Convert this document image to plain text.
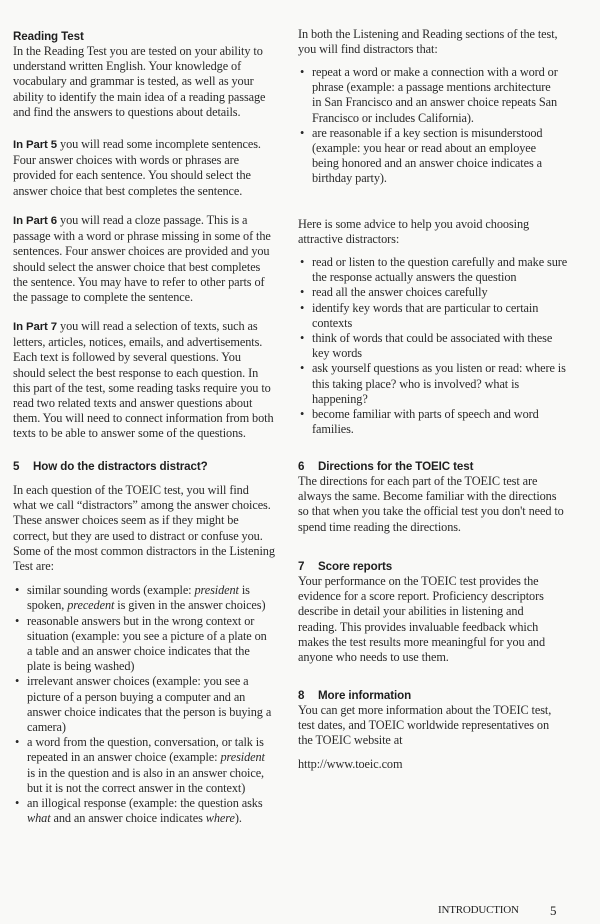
Reading Test

In the Reading Test you are tested on your ability to understand written English. Your knowledge of vocabulary and grammar is tested, as well as your ability to identify the main idea of a reading passage and find the answers to questions about details.

In Part 5 you will read some incomplete sentences. Four answer choices with words or phrases are provided for each sentence. You should select the answer choice that best completes the sentence.

In Part 6 you will read a cloze passage. This is a passage with a word or phrase missing in some of the sentences. Four answer choices are provided and you should select the answer choice that best completes the sentence. You may have to refer to other parts of the passage to complete the sentence.

In Part 7 you will read a selection of texts, such as letters, articles, notices, emails, and advertisements. Each text is followed by several questions. You should select the best response to each question. In this part of the test, some reading tasks require you to read two related texts and answer questions about them. You will need to connect information from both texts to be able to answer some of the questions.

5 How do the distractors distract?

In each question of the TOEIC test, you will find what we call “distractors” among the answer choices. These answer choices seem as if they might be correct, but they are used to distract or confuse you. Some of the most common distractors in the Listening Test are:

• similar sounding words (example: president is spoken, precedent is given in the answer choices)
• reasonable answers but in the wrong context or situation (example: you see a picture of a plate on a table and an answer choice indicates that the plate is being washed)
• irrelevant answer choices (example: you see a picture of a person buying a computer and an answer choice indicates that the person is buying a camera)
• a word from the question, conversation, or talk is repeated in an answer choice (example: president is in the question and is also in an answer choice, but it is not the correct answer in the context)
• an illogical response (example: the question asks what and an answer choice indicates where).

In both the Listening and Reading sections of the test, you will find distractors that:

• repeat a word or make a connection with a word or phrase (example: a passage mentions architecture in San Francisco and an answer choice repeats San Francisco or includes California).
• are reasonable if a key section is misunderstood (example: you hear or read about an employee being honored and an answer choice indicates a birthday party).

Here is some advice to help you avoid choosing attractive distractors:

• read or listen to the question carefully and make sure the response actually answers the question
• read all the answer choices carefully
• identify key words that are particular to certain contexts
• think of words that could be associated with these key words
• ask yourself questions as you listen or read: where is this taking place? who is involved? what is happening?
• become familiar with parts of speech and word families.
6 Directions for the TOEIC test

The directions for each part of the TOEIC test are always the same. Become familiar with the directions so that when you take the official test you don't need to spend time reading the directions.

7 Score reports

Your performance on the TOEIC test provides the evidence for a score report. Proficiency descriptors describe in detail your abilities in listening and reading. This provides invaluable feedback which makes the test results more meaningful for you and anyone who needs to use them.

8 More information

You can get more information about the TOEIC test, test dates, and TOEIC worldwide representatives on the TOEIC website at

http://www.toeic.com

INTRODUCTION 5
